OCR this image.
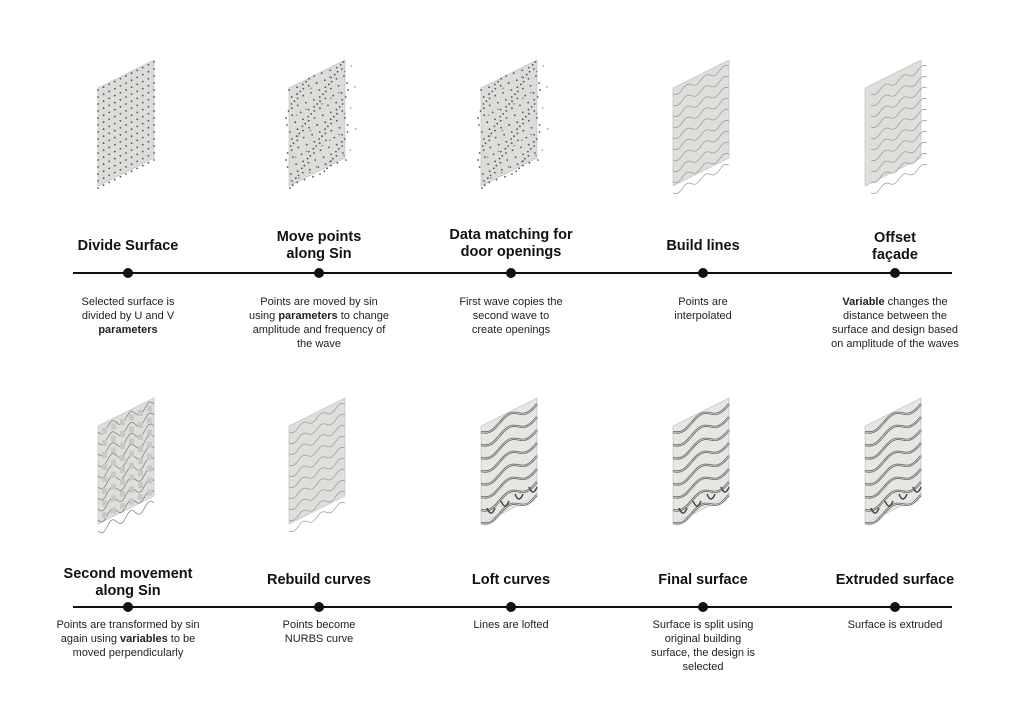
Divide Surface
Selected surface is
divided by U and V
parameters
Move points
along Sin
Points are moved by sin
using parameters to change
amplitude and frequency of
the wave
Data matching for
door openings
First wave copies the
second wave to
create openings
Build lines
Points are
interpolated
Offset
façade
Variable changes the
distance between the
surface and design based
on amplitude of the waves
Second movement
along Sin
Points are transformed by sin
again using variables to be
moved perpendicularly
Rebuild curves
Points become
NURBS curve
Loft curves
Lines are lofted
Final surface
Surface is split using
original building
surface, the design is
selected
Extruded surface
Surface is extruded
